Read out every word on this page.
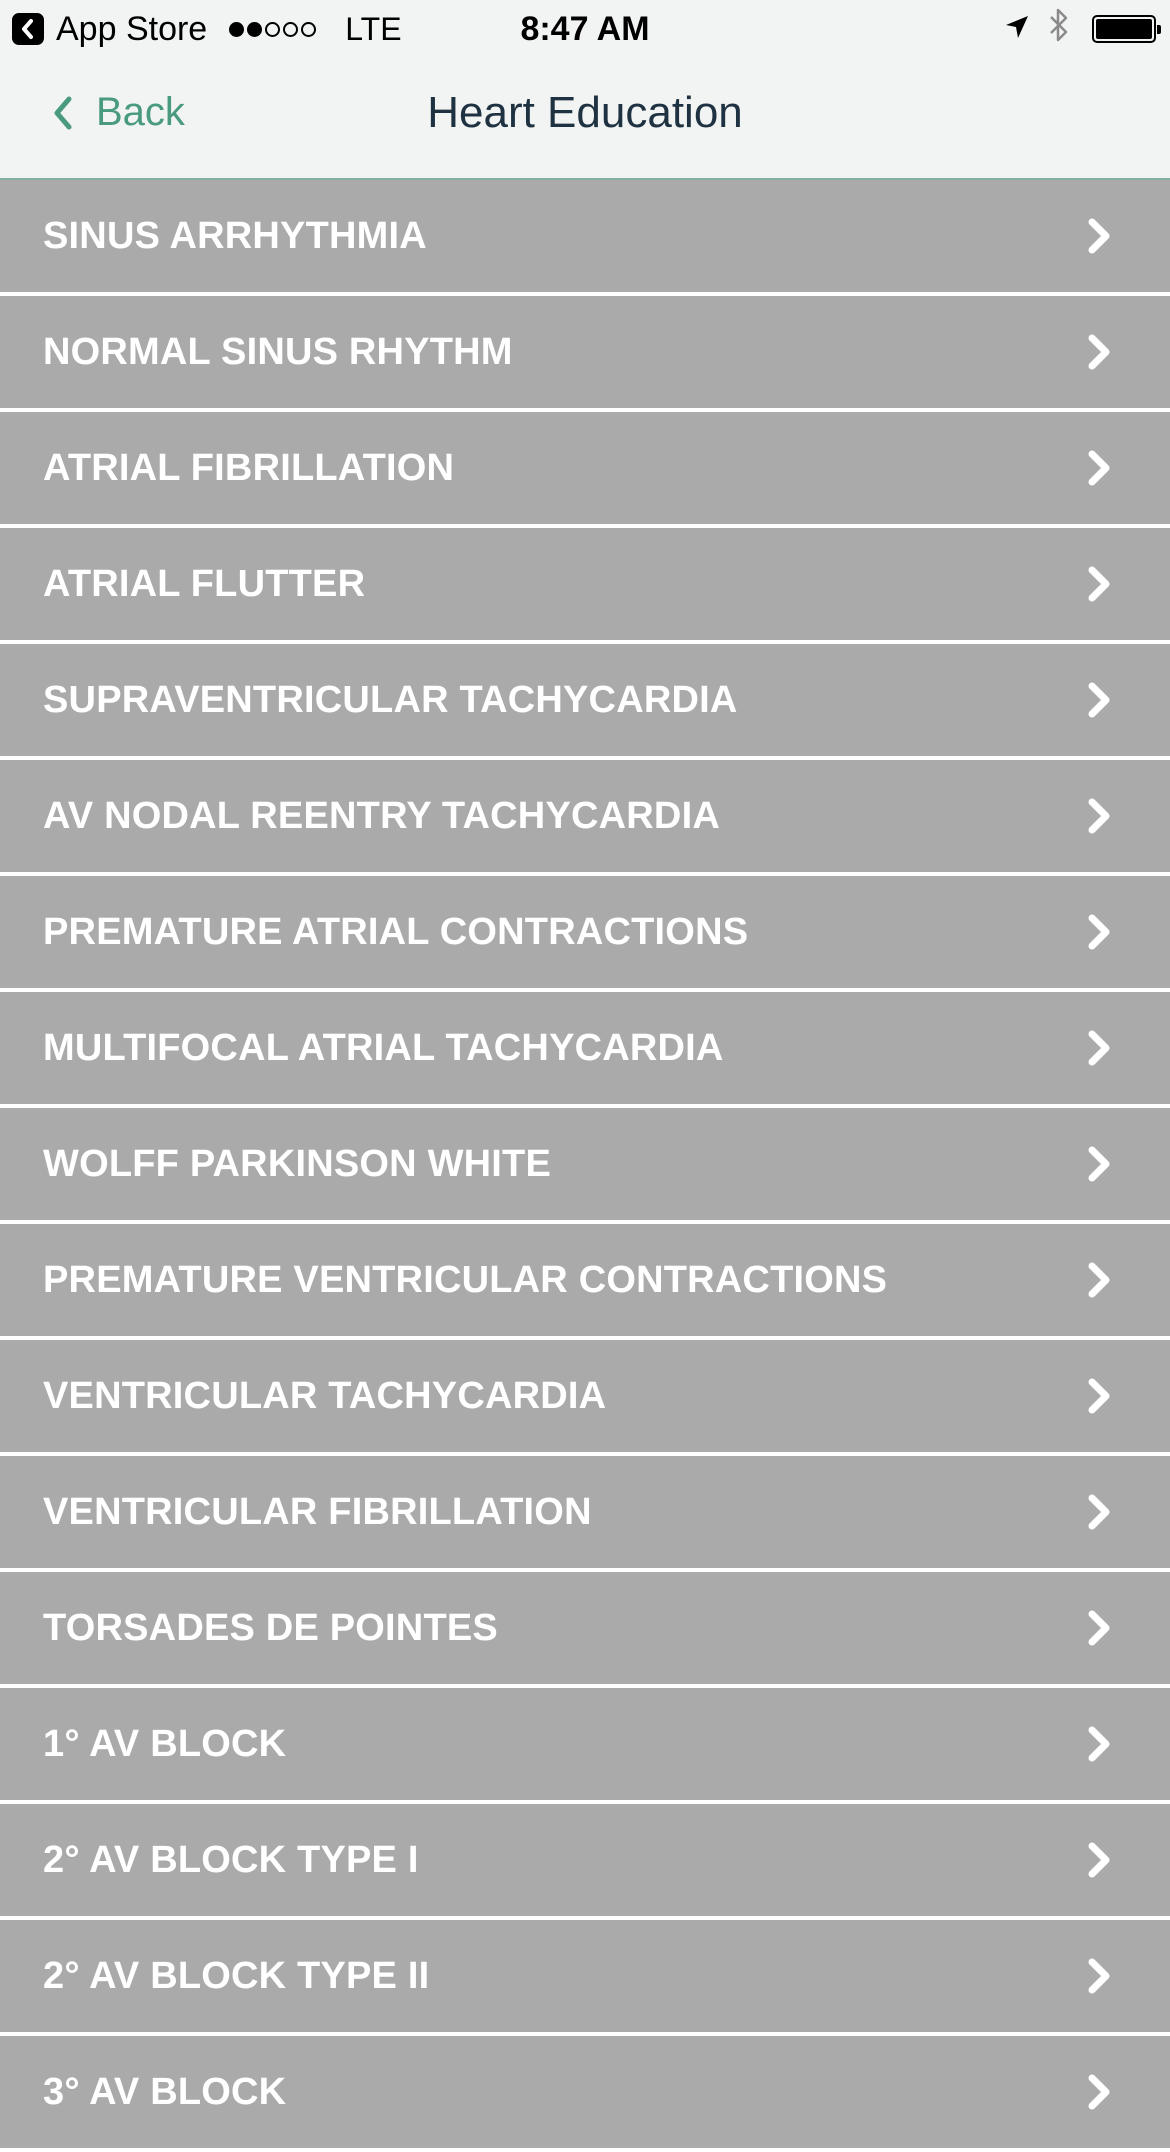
App Store	LTE	8:47 AM
Back	Heart Education
SINUS ARRHYTHMIA
NORMAL SINUS RHYTHM
ATRIAL FIBRILLATION
ATRIAL FLUTTER
SUPRAVENTRICULAR TACHYCARDIA
AV NODAL REENTRY TACHYCARDIA
PREMATURE ATRIAL CONTRACTIONS
MULTIFOCAL ATRIAL TACHYCARDIA
WOLFF PARKINSON WHITE
PREMATURE VENTRICULAR CONTRACTIONS
VENTRICULAR TACHYCARDIA
VENTRICULAR FIBRILLATION
TORSADES DE POINTES
1° AV BLOCK
2° AV BLOCK TYPE I
2° AV BLOCK TYPE II
3° AV BLOCK
